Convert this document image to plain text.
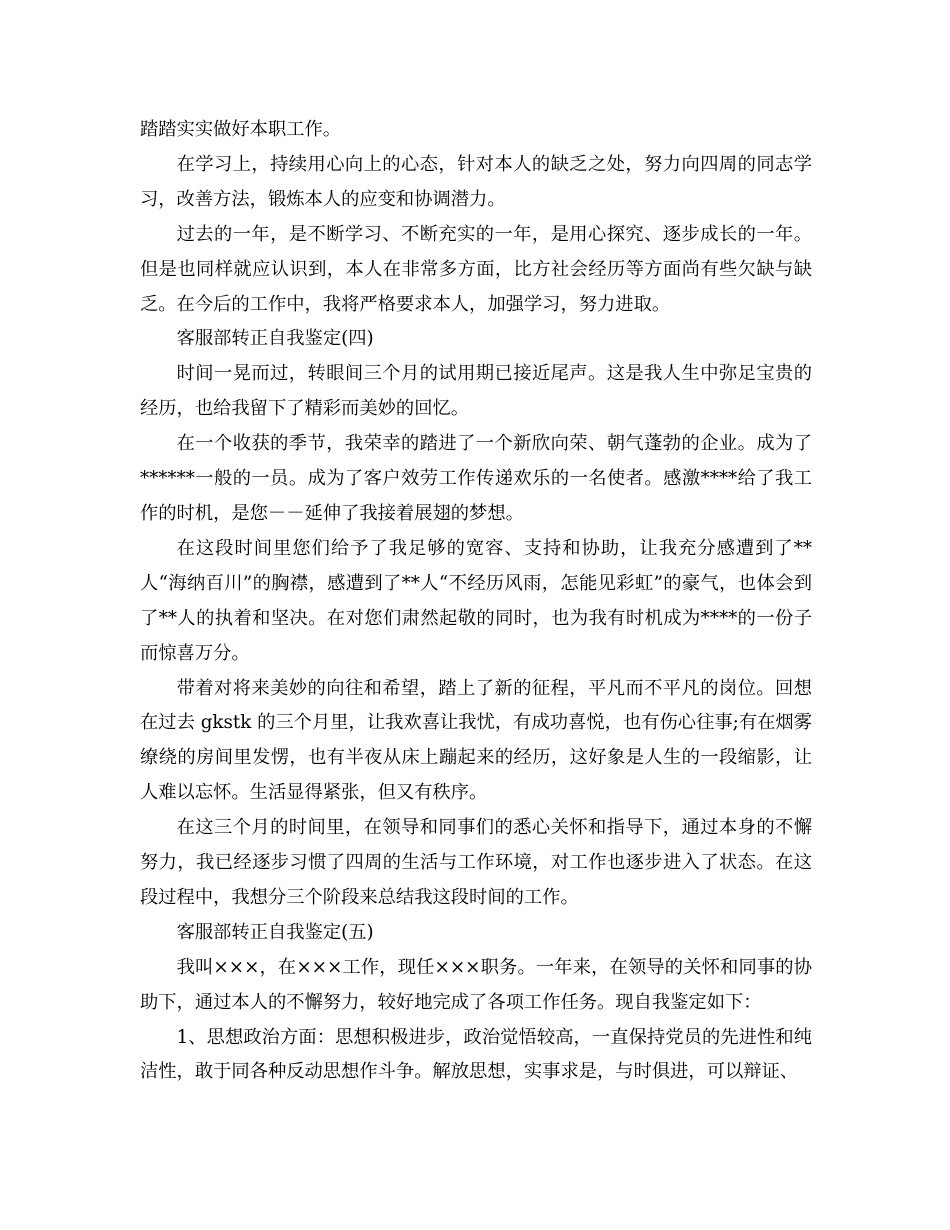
踏踏实实做好本职工作。

在学习上，持续用心向上的心态，针对本人的缺乏之处，努力向四周的同志学习，改善方法，锻炼本人的应变和协调潜力。

过去的一年，是不断学习、不断充实的一年，是用心探究、逐步成长的一年。但是也同样就应认识到，本人在非常多方面，比方社会经历等方面尚有些欠缺与缺乏。在今后的工作中，我将严格要求本人，加强学习，努力进取。

客服部转正自我鉴定(四)

时间一晃而过，转眼间三个月的试用期已接近尾声。这是我人生中弥足宝贵的经历，也给我留下了精彩而美妙的回忆。

在一个收获的季节，我荣幸的踏进了一个新欣向荣、朝气蓬勃的企业。成为了******一般的一员。成为了客户效劳工作传递欢乐的一名使者。感激****给了我工作的时机，是您－－延伸了我接着展翅的梦想。

在这段时间里您们给予了我足够的宽容、支持和协助，让我充分感遭到了**人“海纳百川”的胸襟，感遭到了**人“不经历风雨，怎能见彩虹”的豪气，也体会到了**人的执着和坚决。在对您们肃然起敬的同时，也为我有时机成为****的一份子而惊喜万分。

带着对将来美妙的向往和希望，踏上了新的征程，平凡而不平凡的岗位。回想在过去 gkstk 的三个月里，让我欢喜让我忧，有成功喜悦，也有伤心往事;有在烟雾缭绕的房间里发愣，也有半夜从床上蹦起来的经历，这好象是人生的一段缩影，让人难以忘怀。生活显得紧张，但又有秩序。

在这三个月的时间里，在领导和同事们的悉心关怀和指导下，通过本身的不懈努力，我已经逐步习惯了四周的生活与工作环境，对工作也逐步进入了状态。在这段过程中，我想分三个阶段来总结我这段时间的工作。

客服部转正自我鉴定(五)

我叫×××，在×××工作，现任×××职务。一年来，在领导的关怀和同事的协助下，通过本人的不懈努力，较好地完成了各项工作任务。现自我鉴定如下：

1、思想政治方面：思想积极进步，政治觉悟较高，一直保持党员的先进性和纯洁性，敢于同各种反动思想作斗争。解放思想，实事求是，与时俱进，可以辩证、
